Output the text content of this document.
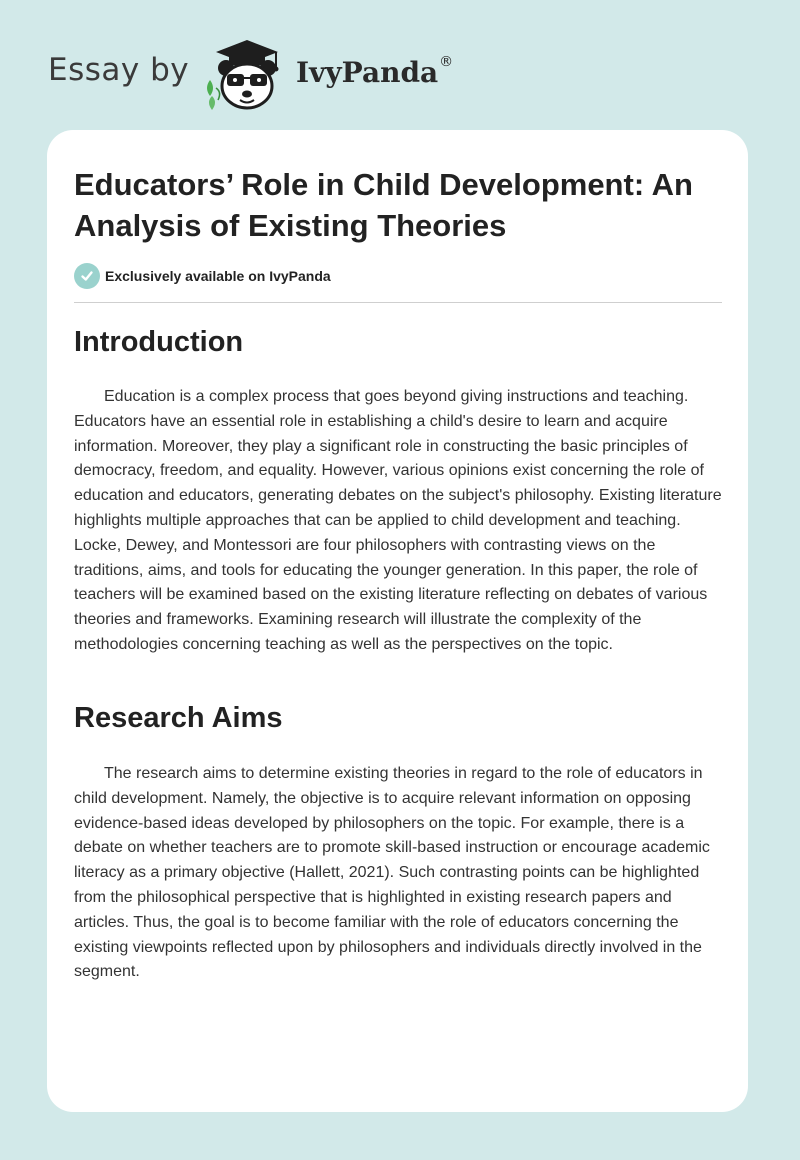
Essay by	IvyPanda®
Educators’ Role in Child Development: An Analysis of Existing Theories
Exclusively available on IvyPanda
Introduction

Education is a complex process that goes beyond giving instructions and teaching. Educators have an essential role in establishing a child's desire to learn and acquire information. Moreover, they play a significant role in constructing the basic principles of democracy, freedom, and equality. However, various opinions exist concerning the role of education and educators, generating debates on the subject's philosophy. Existing literature highlights multiple approaches that can be applied to child development and teaching. Locke, Dewey, and Montessori are four philosophers with contrasting views on the traditions, aims, and tools for educating the younger generation. In this paper, the role of teachers will be examined based on the existing literature reflecting on debates of various theories and frameworks. Examining research will illustrate the complexity of the methodologies concerning teaching as well as the perspectives on the topic.

Research Aims

The research aims to determine existing theories in regard to the role of educators in child development. Namely, the objective is to acquire relevant information on opposing evidence-based ideas developed by philosophers on the topic. For example, there is a debate on whether teachers are to promote skill-based instruction or encourage academic literacy as a primary objective (Hallett, 2021). Such contrasting points can be highlighted from the philosophical perspective that is highlighted in existing research papers and articles. Thus, the goal is to become familiar with the role of educators concerning the existing viewpoints reflected upon by philosophers and individuals directly involved in the segment.
